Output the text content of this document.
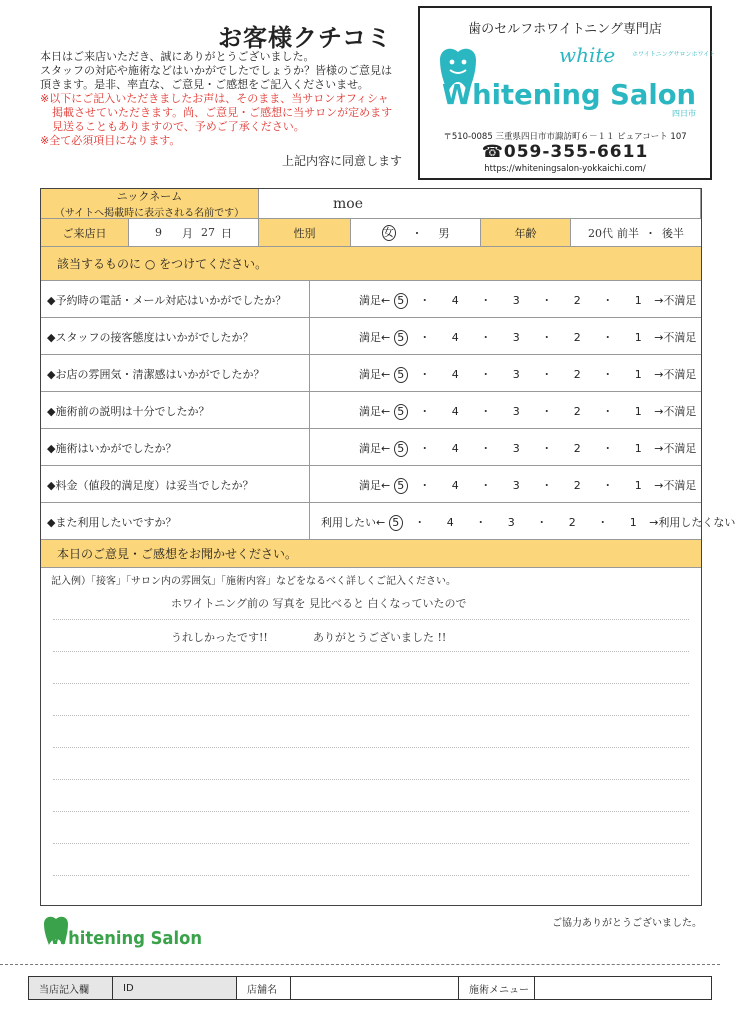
お客様クチコミ
本日はご来店いただき、誠にありがとうございました。
スタッフの対応や施術などはいかがでしたでしょうか？皆様のご意見は
頂きます。是非、率直な、ご意見・ご感想をご記入くださいませ。
※以下にご記入いただきましたお声は、そのまま、当サロンオフィシャ
掲載させていただきます。尚、ご意見・ご感想に当サロンが定めます
見送ることもありますので、予めご了承ください。
※全て必須項目になります。
上記内容に同意します
歯のセルフホワイトニング専門店
white	ホワイトニングサロンホワイト
Whitening Salon
四日市
〒510-0085 三重県四日市市諏訪町６－１１ ピュアコート 107
☎059-355-6611
https://whiteningsalon-yokkaichi.com/
ニックネーム
（サイトへ掲載時に表示される名前です）
moe
ご来店日	9 月 27 日	性別	女 ・ 男	年齢	20代 前半 ・ 後半
該当するものに ○ をつけてください。
◆予約時の電話・メール対応はいかがでしたか？	満足← 5 ・ 4 ・ 3 ・ 2 ・ 1 →不満足
◆スタッフの接客態度はいかがでしたか？	満足← 5 ・ 4 ・ 3 ・ 2 ・ 1 →不満足
◆お店の雰囲気・清潔感はいかがでしたか？	満足← 5 ・ 4 ・ 3 ・ 2 ・ 1 →不満足
◆施術前の説明は十分でしたか？	満足← 5 ・ 4 ・ 3 ・ 2 ・ 1 →不満足
◆施術はいかがでしたか？	満足← 5 ・ 4 ・ 3 ・ 2 ・ 1 →不満足
◆料金（値段的満足度）は妥当でしたか？	満足← 5 ・ 4 ・ 3 ・ 2 ・ 1 →不満足
◆また利用したいですか？	利用したい← 5 ・ 4 ・ 3 ・ 2 ・ 1 →利用したくない
本日のご意見・ご感想をお聞かせください。
記入例）「接客」「サロン内の雰囲気」「施術内容」などをなるべく詳しくご記入ください。
ホワイトニング前の 写真を 見比べると 白くなっていたので
うれしかったです!!	ありがとうございました !!
Whitening Salon
ご協力ありがとうございました。
当店記入欄	ID	店舗名	施術メニュー
